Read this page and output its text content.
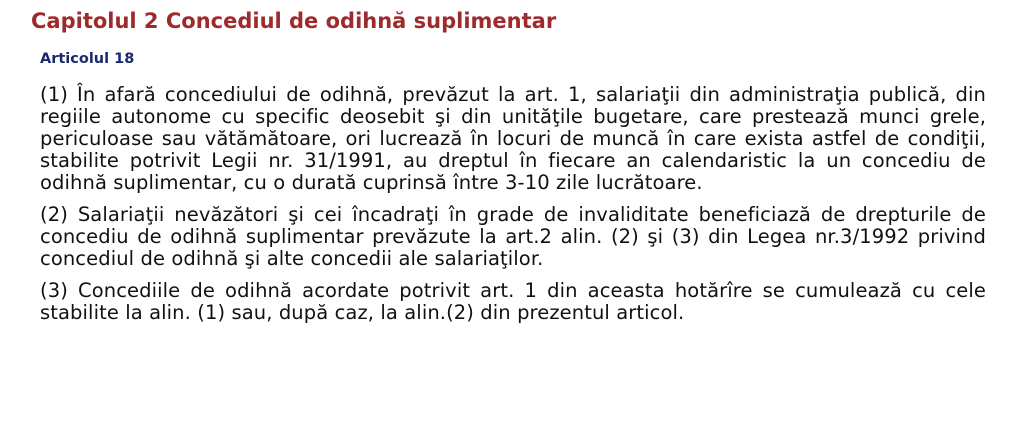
Capitolul 2 Concediul de odihnă suplimentar
Articolul 18

(1) În afară concediului de odihnă, prevăzut la art. 1, salariaţii din administraţia publică, din regiile autonome cu specific deosebit şi din unităţile bugetare, care prestează munci grele, periculoase sau vătămătoare, ori lucrează în locuri de muncă în care exista astfel de condiţii, stabilite potrivit Legii nr. 31/1991, au dreptul în fiecare an calendaristic la un concediu de odihnă suplimentar, cu o durată cuprinsă între 3-10 zile lucrătoare.

(2) Salariaţii nevăzători şi cei încadraţi în grade de invaliditate beneficiază de drepturile de concediu de odihnă suplimentar prevăzute la art.2 alin. (2) şi (3) din Legea nr.3/1992 privind concediul de odihnă şi alte concedii ale salariaţilor.

(3) Concediile de odihnă acordate potrivit art. 1 din aceasta hotărîre se cumulează cu cele stabilite la alin. (1) sau, după caz, la alin.(2) din prezentul articol.
